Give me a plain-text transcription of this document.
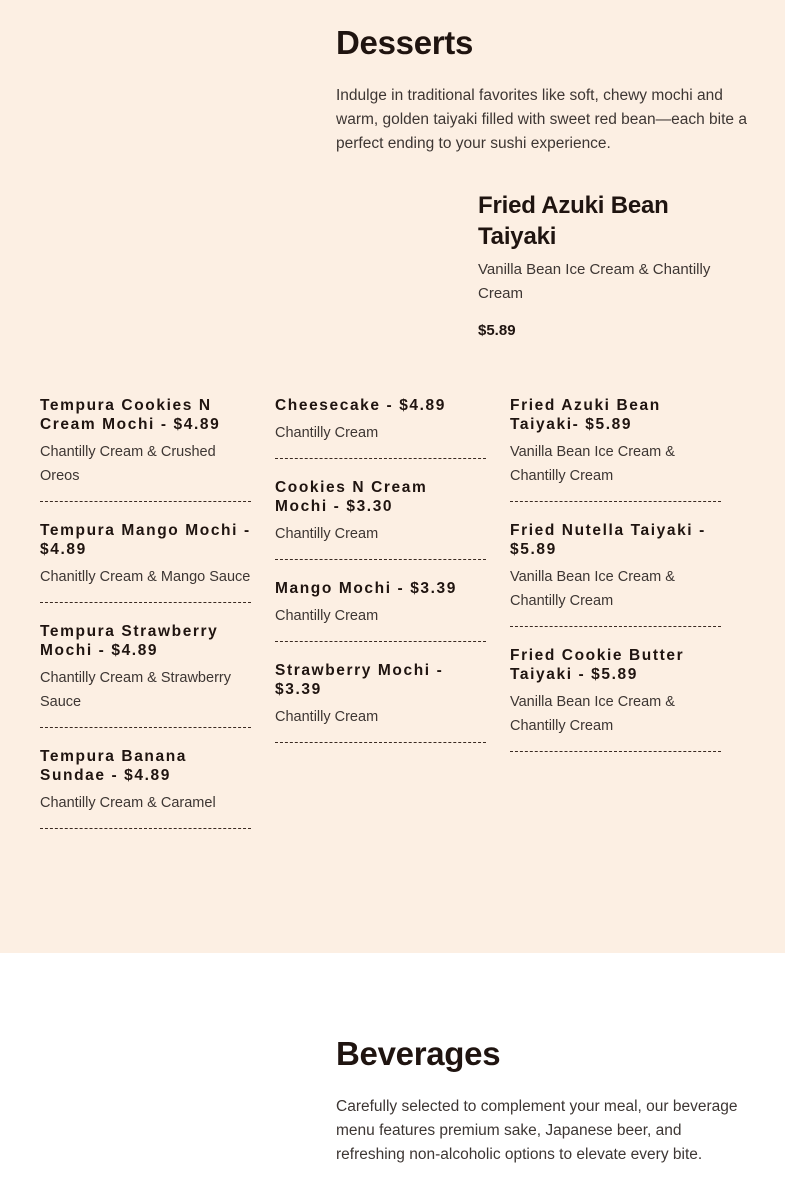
Desserts

Indulge in traditional favorites like soft, chewy mochi and warm, golden taiyaki filled with sweet red bean—each bite a perfect ending to your sushi experience.

Fried Azuki Bean Taiyaki

Vanilla Bean Ice Cream & Chantilly Cream

$5.89

Tempura Cookies N Cream Mochi - $4.89
Chantilly Cream & Crushed Oreos
Tempura Mango Mochi - $4.89
Chanitlly Cream & Mango Sauce
Tempura Strawberry Mochi - $4.89
Chantilly Cream & Strawberry Sauce
Tempura Banana Sundae - $4.89
Chantilly Cream & Caramel
Cheesecake - $4.89
Chantilly Cream
Cookies N Cream Mochi - $3.30
Chantilly Cream
Mango Mochi - $3.39
Chantilly Cream
Strawberry Mochi - $3.39
Chantilly Cream
Fried Azuki Bean Taiyaki- $5.89
Vanilla Bean Ice Cream & Chantilly Cream
Fried Nutella Taiyaki - $5.89
Vanilla Bean Ice Cream & Chantilly Cream
Fried Cookie Butter Taiyaki - $5.89
Vanilla Bean Ice Cream & Chantilly Cream
Beverages

Carefully selected to complement your meal, our beverage menu features premium sake, Japanese beer, and refreshing non-alcoholic options to elevate every bite.
